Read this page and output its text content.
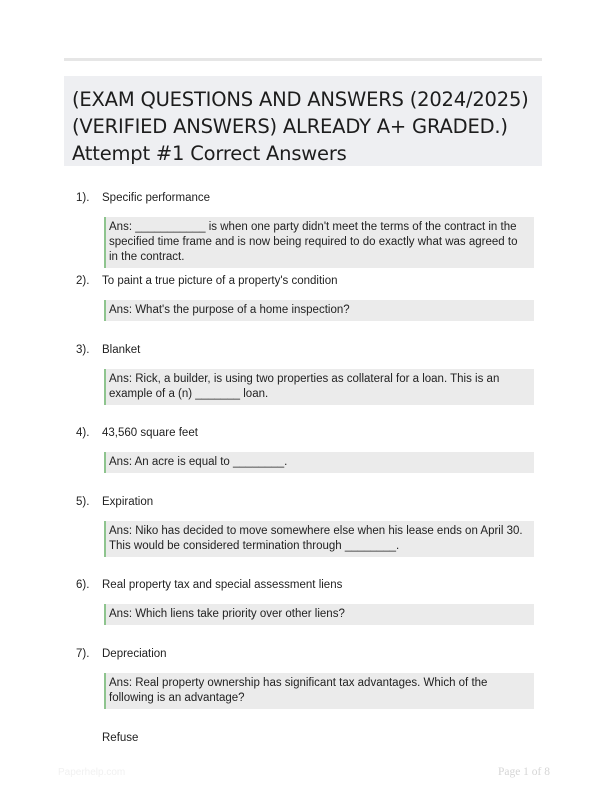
(EXAM QUESTIONS AND ANSWERS (2024/2025) (VERIFIED ANSWERS) ALREADY A+ GRADED.) Attempt #1 Correct Answers
1). Specific performance
Ans: ___________ is when one party didn't meet the terms of the contract in the specified time frame and is now being required to do exactly what was agreed to in the contract.
2). To paint a true picture of a property's condition
Ans: What's the purpose of a home inspection?
3). Blanket
Ans: Rick, a builder, is using two properties as collateral for a loan. This is an example of a (n) _______ loan.
4). 43,560 square feet
Ans: An acre is equal to ________.
5). Expiration
Ans: Niko has decided to move somewhere else when his lease ends on April 30. This would be considered termination through ________.
6). Real property tax and special assessment liens
Ans: Which liens take priority over other liens?
7). Depreciation
Ans: Real property ownership has significant tax advantages. Which of the following is an advantage?
Refuse
Paperhelp.com	Page 1 of 8
